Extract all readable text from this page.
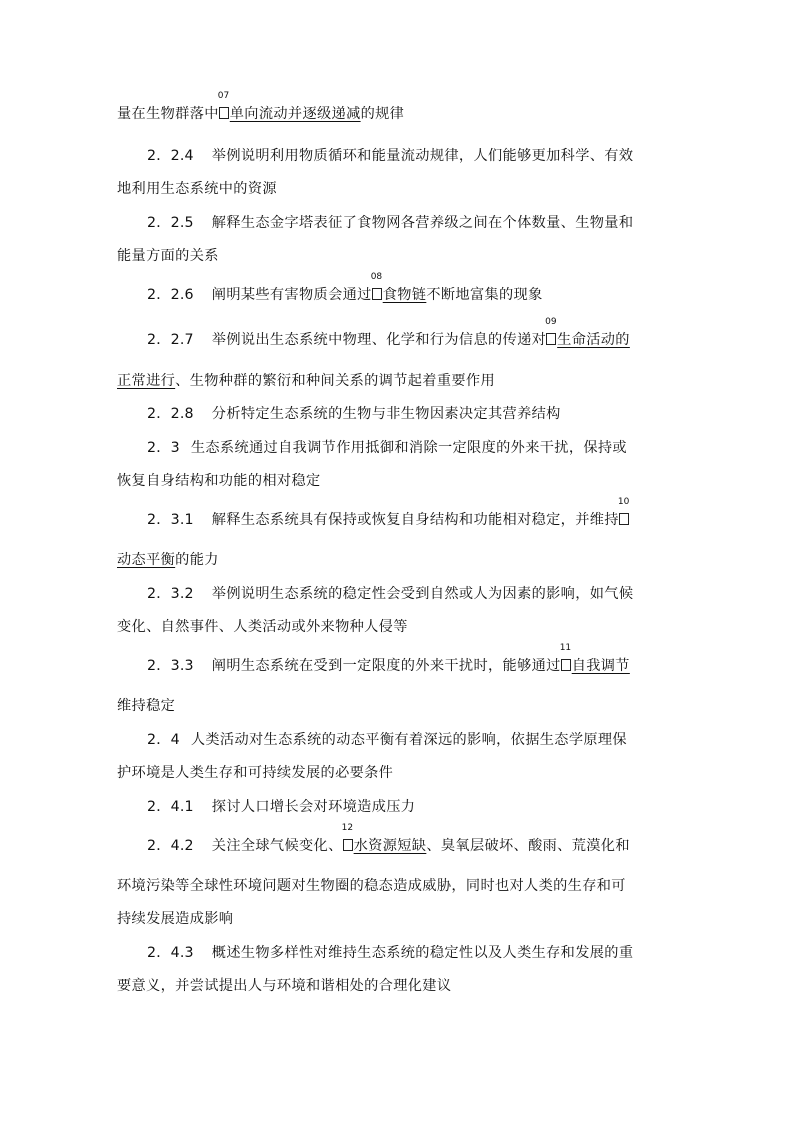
量在生物群落中
07
单向流动并逐级递减的规律
2．2.4 举例说明利用物质循环和能量流动规律，人们能够更加科学、有效
地利用生态系统中的资源
2．2.5 解释生态金字塔表征了食物网各营养级之间在个体数量、生物量和
能量方面的关系
2．2.6 阐明某些有害物质会通过
08
食物链不断地富集的现象
2．2.7 举例说出生态系统中物理、化学和行为信息的传递对
09
生命活动的
正常进行、生物种群的繁衍和种间关系的调节起着重要作用
2．2.8 分析特定生态系统的生物与非生物因素决定其营养结构
2．3 生态系统通过自我调节作用抵御和消除一定限度的外来干扰，保持或
恢复自身结构和功能的相对稳定
2．3.1 解释生态系统具有保持或恢复自身结构和功能相对稳定，并维持
10
动态平衡的能力
2．3.2 举例说明生态系统的稳定性会受到自然或人为因素的影响，如气候
变化、自然事件、人类活动或外来物种人侵等
2．3.3 阐明生态系统在受到一定限度的外来干扰时，能够通过
11
自我调节
维持稳定
2．4 人类活动对生态系统的动态平衡有着深远的影响，依据生态学原理保
护环境是人类生存和可持续发展的必要条件
2．4.1 探讨人口增长会对环境造成压力
2．4.2 关注全球气候变化、
12
水资源短缺、臭氧层破坏、酸雨、荒漠化和
环境污染等全球性环境问题对生物圈的稳态造成威胁，同时也对人类的生存和可
持续发展造成影响
2．4.3 概述生物多样性对维持生态系统的稳定性以及人类生存和发展的重
要意义，并尝试提出人与环境和谐相处的合理化建议
